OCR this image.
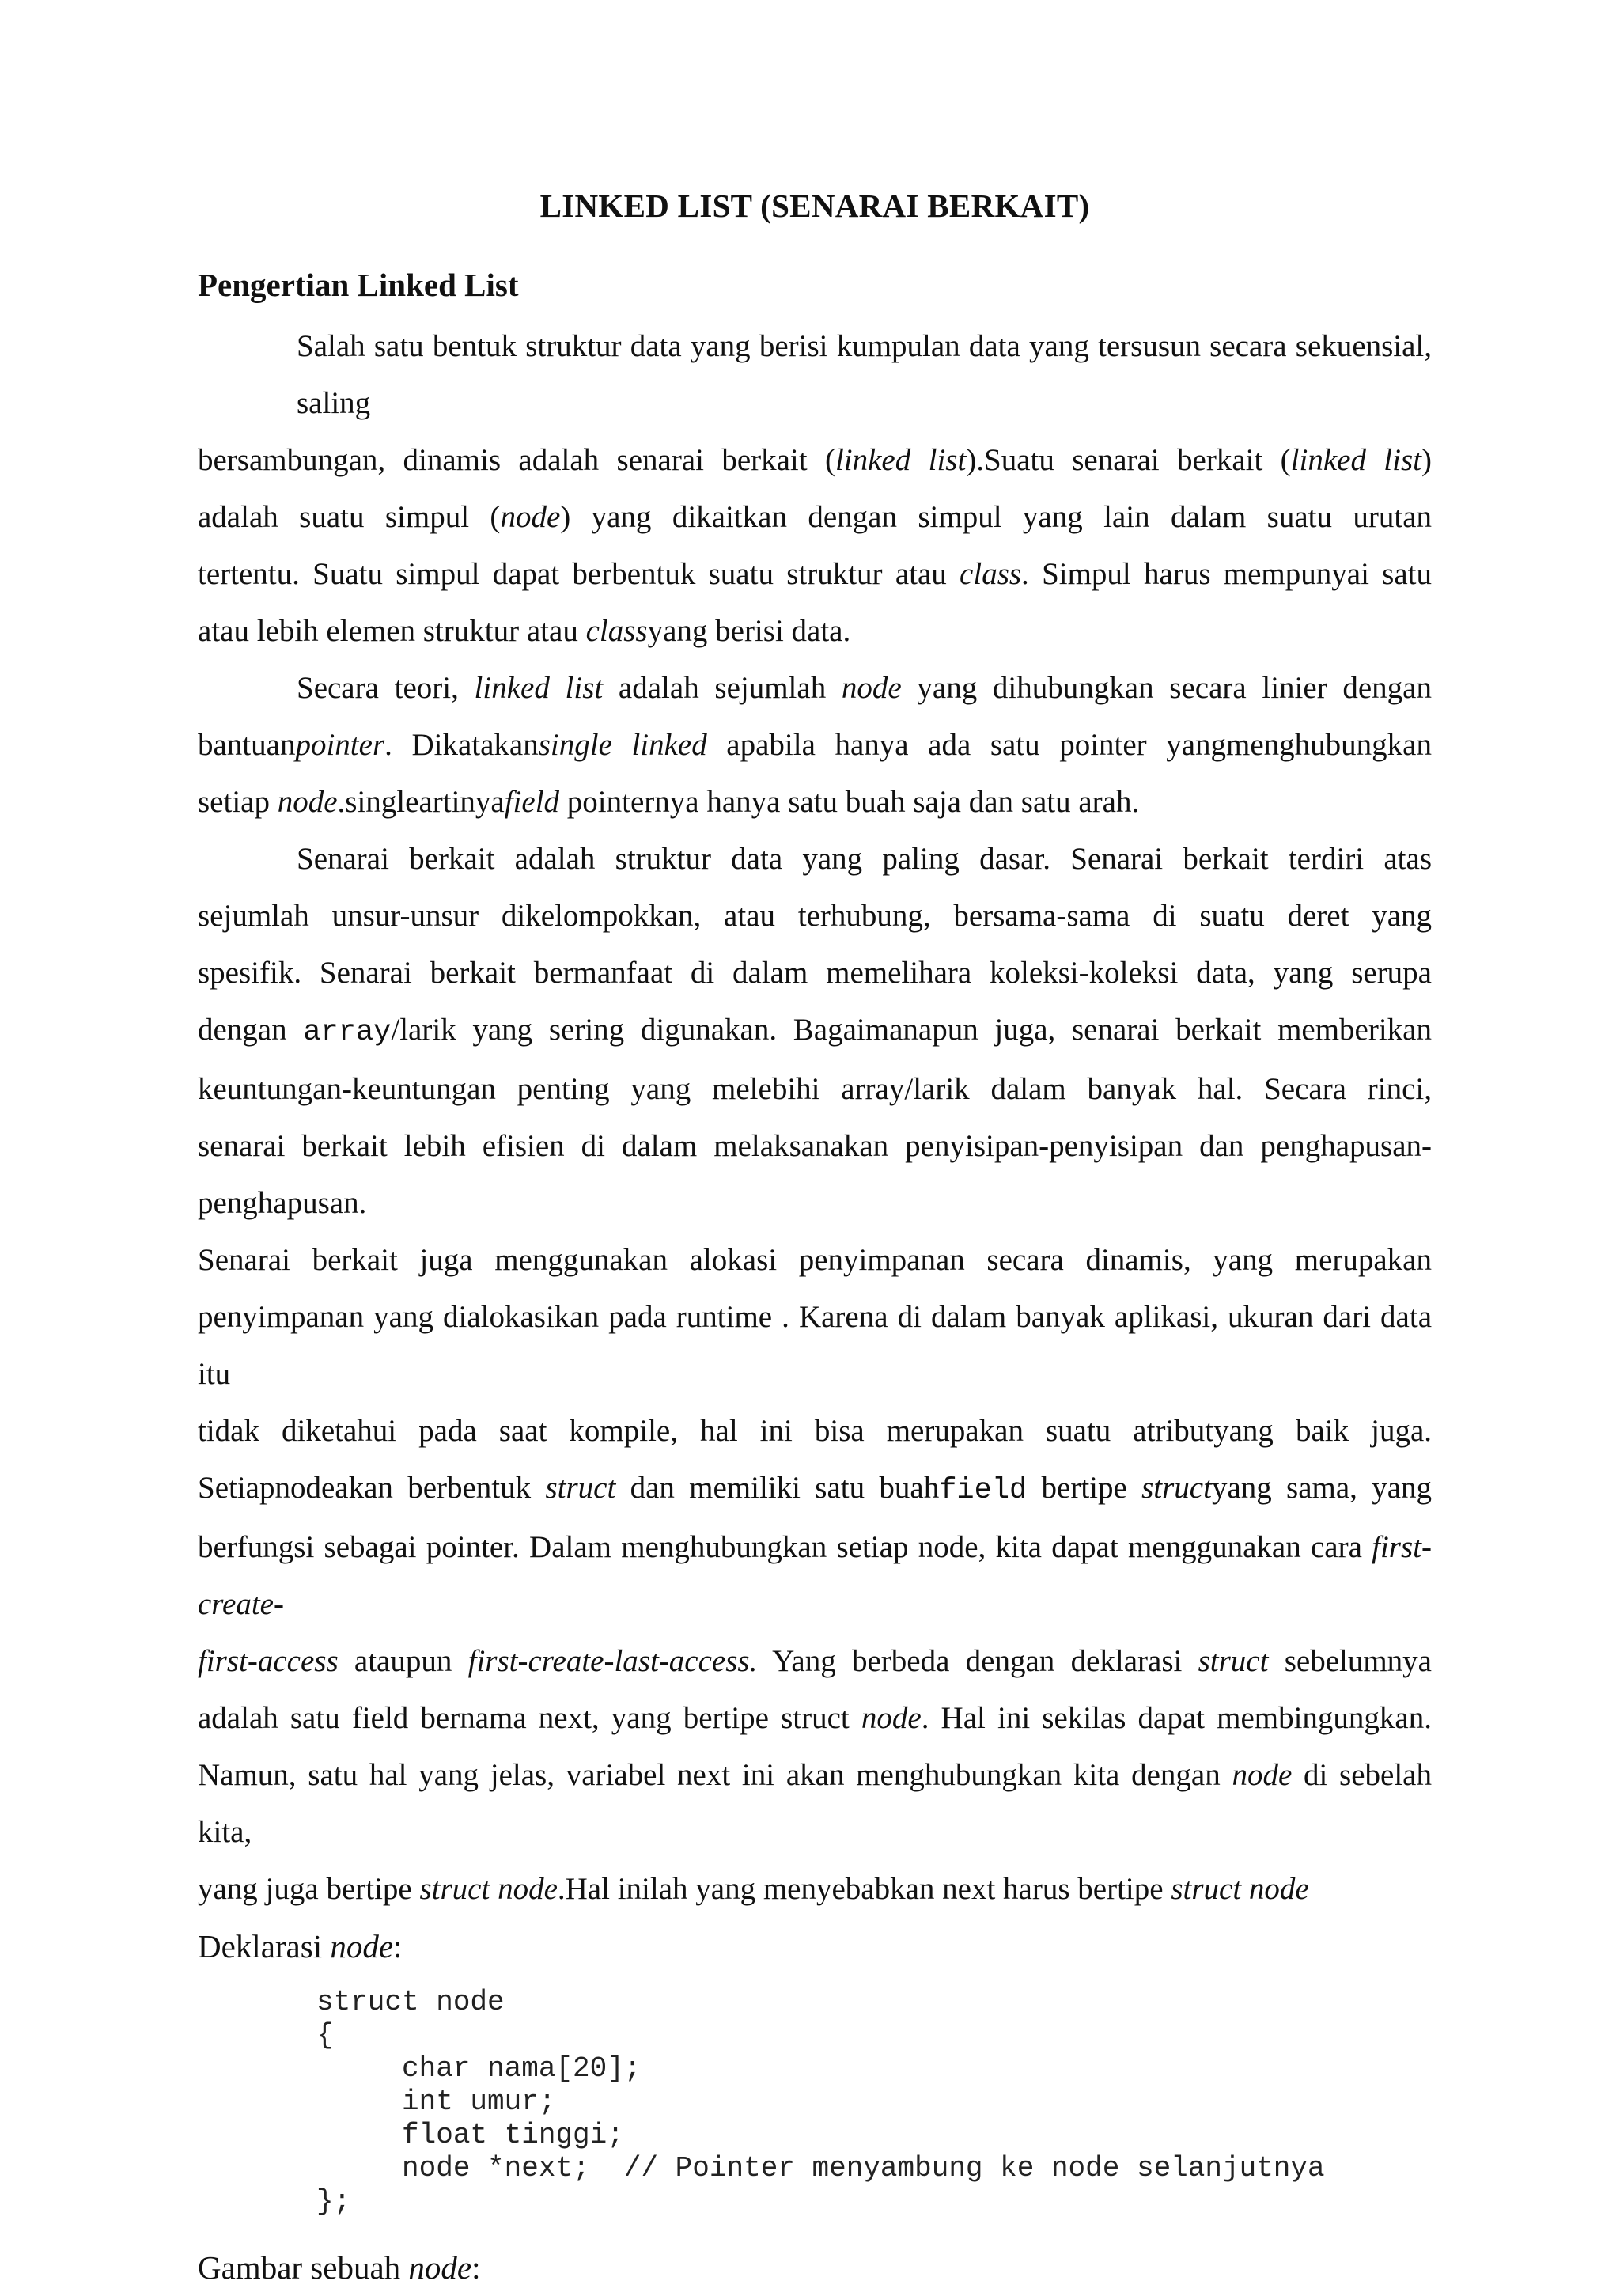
LINKED LIST (SENARAI BERKAIT)
Pengertian Linked List
Salah satu bentuk struktur data yang berisi kumpulan data yang tersusun secara sekuensial, saling
bersambungan, dinamis adalah senarai berkait (linked list).Suatu senarai berkait (linked list)
adalah suatu simpul (node) yang dikaitkan dengan simpul yang lain dalam suatu urutan
tertentu. Suatu simpul dapat berbentuk suatu struktur atau class. Simpul harus mempunyai satu
atau lebih elemen struktur atau classyang berisi data.
Secara teori, linked list adalah sejumlah node yang dihubungkan secara linier dengan
bantuanpointer. Dikatakansingle linked apabila hanya ada satu pointer yangmenghubungkan
setiap node.singleartinyafield pointernya hanya satu buah saja dan satu arah.
Senarai berkait adalah struktur data yang paling dasar. Senarai berkait terdiri atas
sejumlah unsur-unsur dikelompokkan, atau terhubung, bersama-sama di suatu deret yang
spesifik. Senarai berkait bermanfaat di dalam memelihara koleksi-koleksi data, yang serupa
dengan array/larik yang sering digunakan. Bagaimanapun juga, senarai berkait memberikan
keuntungan-keuntungan penting yang melebihi array/larik dalam banyak hal. Secara rinci,
senarai berkait lebih efisien di dalam melaksanakan penyisipan-penyisipan dan penghapusan-penghapusan.
Senarai berkait juga menggunakan alokasi penyimpanan secara dinamis, yang merupakan
penyimpanan yang dialokasikan pada runtime . Karena di dalam banyak aplikasi, ukuran dari data itu
tidak diketahui pada saat kompile, hal ini bisa merupakan suatu atributyang baik juga.
Setiapnodeakan berbentuk struct dan memiliki satu buahfield bertipe structyang sama, yang
berfungsi sebagai pointer. Dalam menghubungkan setiap node, kita dapat menggunakan cara first-create-
first-access ataupun first-create-last-access. Yang berbeda dengan deklarasi struct sebelumnya
adalah satu field bernama next, yang bertipe struct node. Hal ini sekilas dapat membingungkan.
Namun, satu hal yang jelas, variabel next ini akan menghubungkan kita dengan node di sebelah kita,
yang juga bertipe struct node.Hal inilah yang menyebabkan next harus bertipe struct node

Deklarasi node:

struct node
{
char nama[20];
int umur;
float tinggi;
node *next;  // Pointer menyambung ke node selanjutnya
};

Gambar sebuah node:
